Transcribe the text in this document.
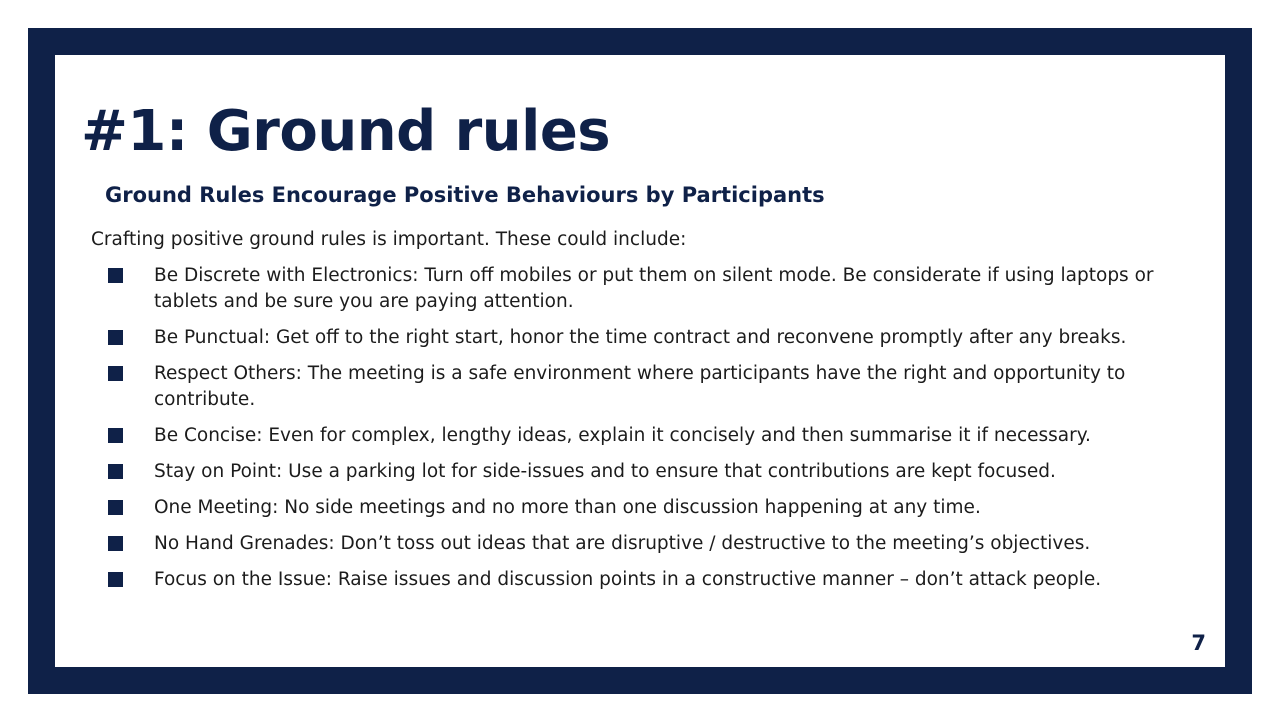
#1: Ground rules
Ground Rules Encourage Positive Behaviours by Participants

Crafting positive ground rules is important. These could include:

Be Discrete with Electronics: Turn off mobiles or put them on silent mode. Be considerate if using laptops or tablets and be sure you are paying attention.
Be Punctual: Get off to the right start, honor the time contract and reconvene promptly after any breaks.
Respect Others: The meeting is a safe environment where participants have the right and opportunity to contribute.
Be Concise: Even for complex, lengthy ideas, explain it concisely and then summarise it if necessary.
Stay on Point: Use a parking lot for side-issues and to ensure that contributions are kept focused.
One Meeting: No side meetings and no more than one discussion happening at any time.
No Hand Grenades: Don’t toss out ideas that are disruptive / destructive to the meeting’s objectives.
Focus on the Issue: Raise issues and discussion points in a constructive manner – don’t attack people.
7
